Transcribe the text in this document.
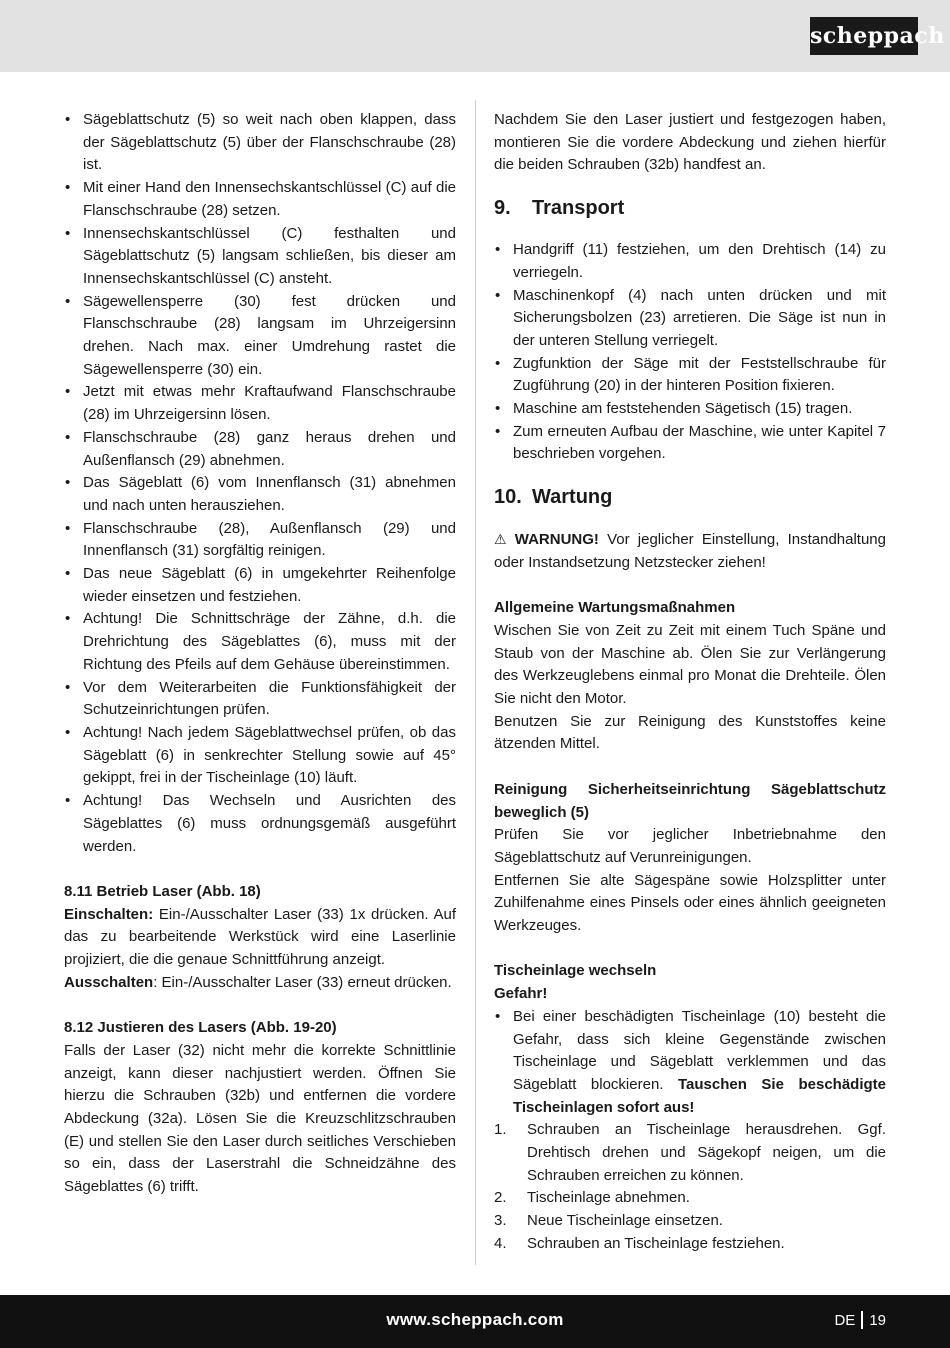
scheppach
• Sägeblattschutz (5) so weit nach oben klappen, dass der Sägeblattschutz (5) über der Flanschschraube (28) ist.
• Mit einer Hand den Innensechskantschlüssel (C) auf die Flanschschraube (28) setzen.
• Innensechskantschlüssel (C) festhalten und Sägeblattschutz (5) langsam schließen, bis dieser am Innensechskantschlüssel (C) ansteht.
• Sägewellensperre (30) fest drücken und Flanschschraube (28) langsam im Uhrzeigersinn drehen. Nach max. einer Umdrehung rastet die Sägewellensperre (30) ein.
• Jetzt mit etwas mehr Kraftaufwand Flanschschraube (28) im Uhrzeigersinn lösen.
• Flanschschraube (28) ganz heraus drehen und Außenflansch (29) abnehmen.
• Das Sägeblatt (6) vom Innenflansch (31) abnehmen und nach unten herausziehen.
• Flanschschraube (28), Außenflansch (29) und Innenflansch (31) sorgfältig reinigen.
• Das neue Sägeblatt (6) in umgekehrter Reihenfolge wieder einsetzen und festziehen.
• Achtung! Die Schnittschräge der Zähne, d.h. die Drehrichtung des Sägeblattes (6), muss mit der Richtung des Pfeils auf dem Gehäuse übereinstimmen.
• Vor dem Weiterarbeiten die Funktionsfähigkeit der Schutzeinrichtungen prüfen.
• Achtung! Nach jedem Sägeblattwechsel prüfen, ob das Sägeblatt (6) in senkrechter Stellung sowie auf 45° gekippt, frei in der Tischeinlage (10) läuft.
• Achtung! Das Wechseln und Ausrichten des Sägeblattes (6) muss ordnungsgemäß ausgeführt werden.
8.11 Betrieb Laser (Abb. 18)

Einschalten: Ein-/Ausschalter Laser (33) 1x drücken. Auf das zu bearbeitende Werkstück wird eine Laserlinie projiziert, die die genaue Schnittführung anzeigt.

Ausschalten: Ein-/Ausschalter Laser (33) erneut drücken.

8.12 Justieren des Lasers (Abb. 19-20)

Falls der Laser (32) nicht mehr die korrekte Schnittlinie anzeigt, kann dieser nachjustiert werden. Öffnen Sie hierzu die Schrauben (32b) und entfernen die vordere Abdeckung (32a). Lösen Sie die Kreuzschlitzschrauben (E) und stellen Sie den Laser durch seitliches Verschieben so ein, dass der Laserstrahl die Schneidzähne des Sägeblattes (6) trifft.

Nachdem Sie den Laser justiert und festgezogen haben, montieren Sie die vordere Abdeckung und ziehen hierfür die beiden Schrauben (32b) handfest an.

9.	Transport
• Handgriff (11) festziehen, um den Drehtisch (14) zu verriegeln.
• Maschinenkopf (4) nach unten drücken und mit Sicherungsbolzen (23) arretieren. Die Säge ist nun in der unteren Stellung verriegelt.
• Zugfunktion der Säge mit der Feststellschraube für Zugführung (20) in der hinteren Position fixieren.
• Maschine am feststehenden Sägetisch (15) tragen.
• Zum erneuten Aufbau der Maschine, wie unter Kapitel 7 beschrieben vorgehen.
10. Wartung

⚠ WARNUNG! Vor jeglicher Einstellung, Instandhaltung oder Instandsetzung Netzstecker ziehen!

Allgemeine Wartungsmaßnahmen

Wischen Sie von Zeit zu Zeit mit einem Tuch Späne und Staub von der Maschine ab. Ölen Sie zur Verlängerung des Werkzeuglebens einmal pro Monat die Drehteile. Ölen Sie nicht den Motor.

Benutzen Sie zur Reinigung des Kunststoffes keine ätzenden Mittel.

Reinigung Sicherheitseinrichtung Sägeblattschutz beweglich (5)

Prüfen Sie vor jeglicher Inbetriebnahme den Sägeblattschutz auf Verunreinigungen.

Entfernen Sie alte Sägespäne sowie Holzsplitter unter Zuhilfenahme eines Pinsels oder eines ähnlich geeigneten Werkzeuges.

Tischeinlage wechseln
Gefahr!
• Bei einer beschädigten Tischeinlage (10) besteht die Gefahr, dass sich kleine Gegenstände zwischen Tischeinlage und Sägeblatt verklemmen und das Sägeblatt blockieren. Tauschen Sie beschädigte Tischeinlagen sofort aus!
1. Schrauben an Tischeinlage herausdrehen. Ggf. Drehtisch drehen und Sägekopf neigen, um die Schrauben erreichen zu können.
2. Tischeinlage abnehmen.
3. Neue Tischeinlage einsetzen.
4. Schrauben an Tischeinlage festziehen.
www.scheppach.com	DE 19
